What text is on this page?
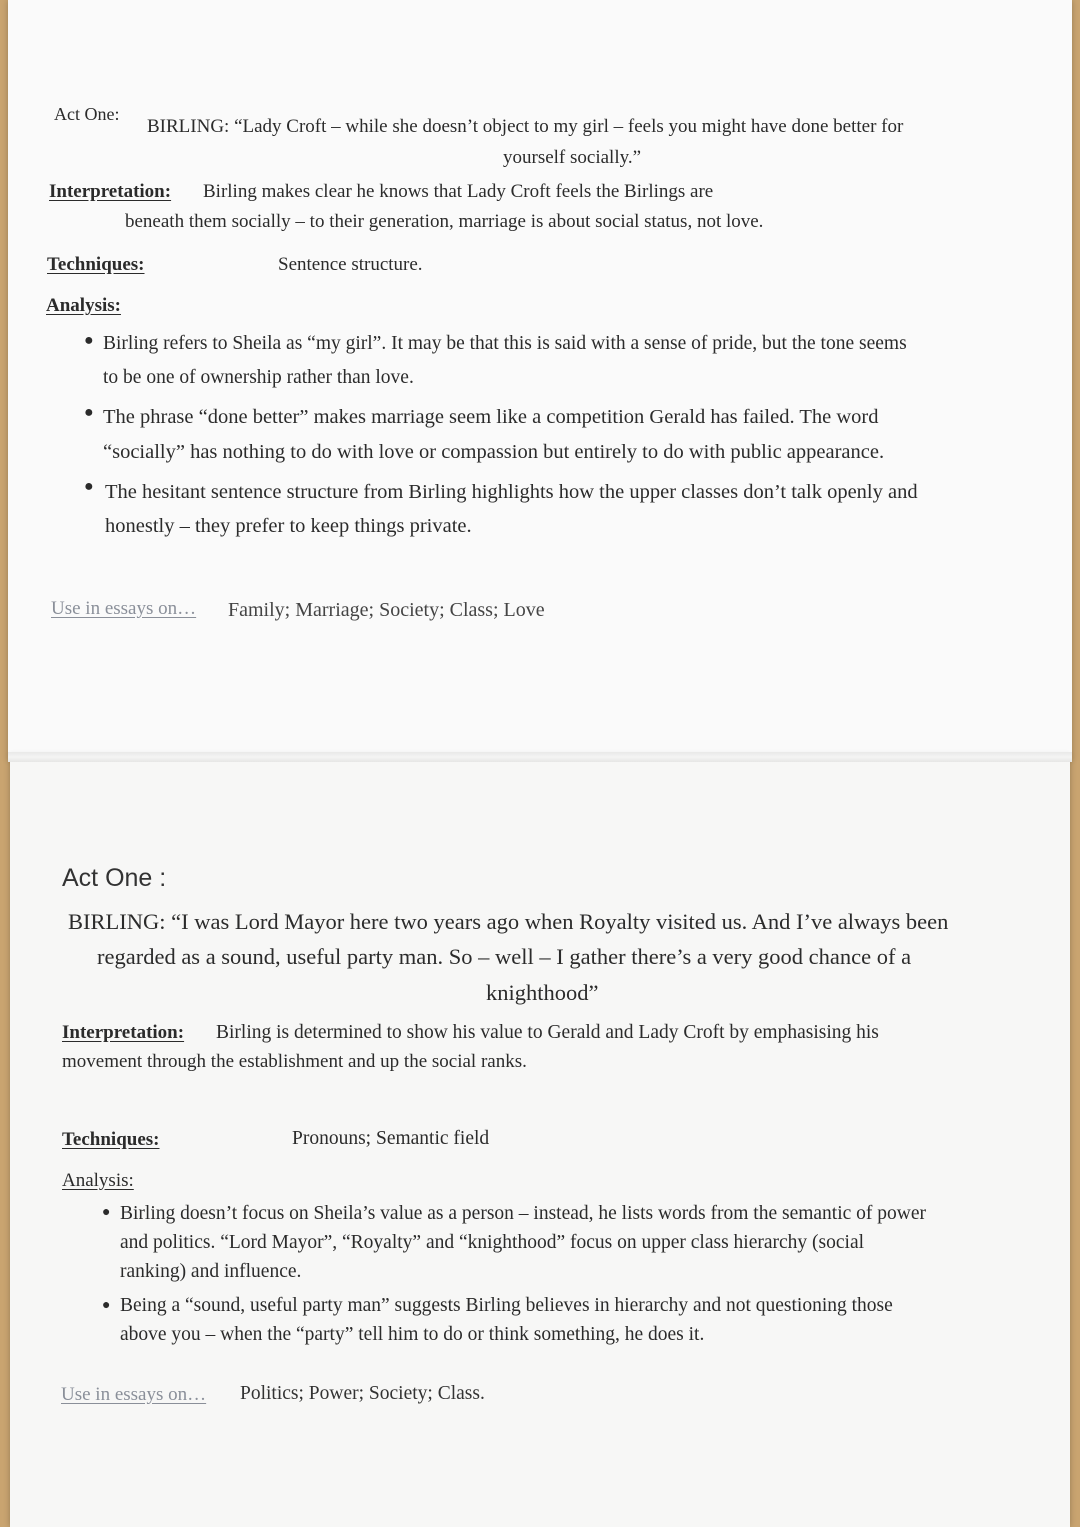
Act One:
BIRLING: “Lady Croft – while she doesn’t object to my girl – feels you might have done better for
yourself socially.”
Interpretation: Birling makes clear he knows that Lady Croft feels the Birlings are
beneath them socially – to their generation, marriage is about social status, not love.
Techniques:	Sentence structure.
Analysis:
● Birling refers to Sheila as “my girl”. It may be that this is said with a sense of pride, but the tone seems
to be one of ownership rather than love.
● The phrase “done better” makes marriage seem like a competition Gerald has failed. The word
“socially” has nothing to do with love or compassion but entirely to do with public appearance.
● The hesitant sentence structure from Birling highlights how the upper classes don’t talk openly and
honestly – they prefer to keep things private.
Use in essays on… Family; Marriage; Society; Class; Love
Act One :
BIRLING: “I was Lord Mayor here two years ago when Royalty visited us. And I’ve always been
regarded as a sound, useful party man. So – well – I gather there’s a very good chance of a
knighthood”
Interpretation: Birling is determined to show his value to Gerald and Lady Croft by emphasising his
movement through the establishment and up the social ranks.
Techniques:	Pronouns; Semantic field
Analysis:
● Birling doesn’t focus on Sheila’s value as a person – instead, he lists words from the semantic of power
and politics. “Lord Mayor”, “Royalty” and “knighthood” focus on upper class hierarchy (social
ranking) and influence.
● Being a “sound, useful party man” suggests Birling believes in hierarchy and not questioning those
above you – when the “party” tell him to do or think something, he does it.
Use in essays on… Politics; Power; Society; Class.
